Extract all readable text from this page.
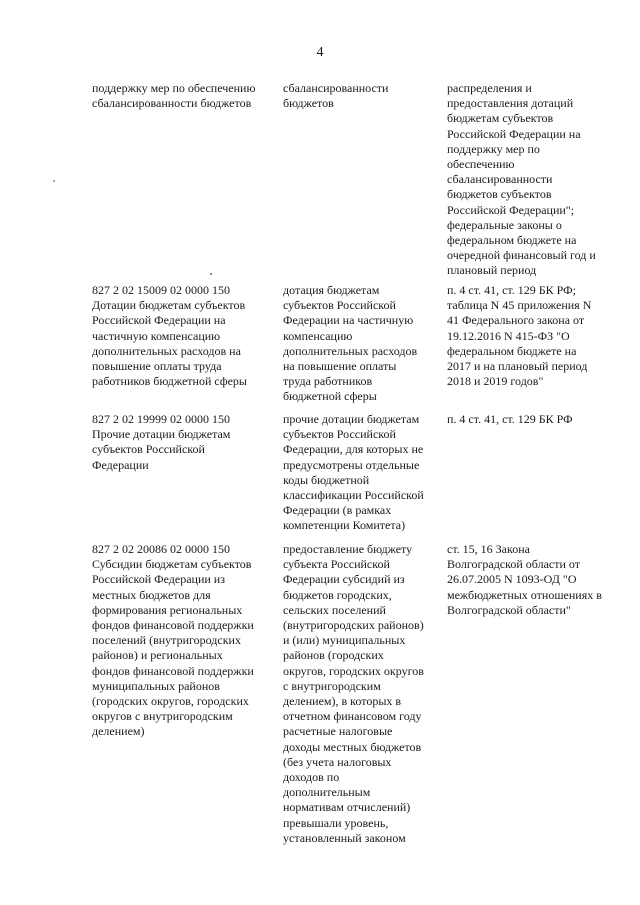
4
поддержку мер по обеспечению
сбалансированности бюджетов
сбалансированности
бюджетов
распределения и
предоставления дотаций
бюджетам субъектов
Российской Федерации на
поддержку мер по
обеспечению
сбалансированности
бюджетов субъектов
Российской Федерации";
федеральные законы о
федеральном бюджете на
очередной финансовый год и
плановый период
827 2 02 15009 02 0000 150
Дотации бюджетам субъектов
Российской Федерации на
частичную компенсацию
дополнительных расходов на
повышение оплаты труда
работников бюджетной сферы
дотация бюджетам
субъектов Российской
Федерации на частичную
компенсацию
дополнительных расходов
на повышение оплаты
труда работников
бюджетной сферы
п. 4 ст. 41, ст. 129 БК РФ;
таблица N 45 приложения N
41 Федерального закона от
19.12.2016 N 415-ФЗ "О
федеральном бюджете на
2017 и на плановый период
2018 и 2019 годов"
827 2 02 19999 02 0000 150
Прочие дотации бюджетам
субъектов Российской
Федерации
прочие дотации бюджетам
субъектов Российской
Федерации, для которых не
предусмотрены отдельные
коды бюджетной
классификации Российской
Федерации (в рамках
компетенции Комитета)
п. 4 ст. 41, ст. 129 БК РФ
827 2 02 20086 02 0000 150
Субсидии бюджетам субъектов
Российской Федерации из
местных бюджетов для
формирования региональных
фондов финансовой поддержки
поселений (внутригородских
районов) и региональных
фондов финансовой поддержки
муниципальных районов
(городских округов, городских
округов с внутригородским
делением)
предоставление бюджету
субъекта Российской
Федерации субсидий из
бюджетов городских,
сельских поселений
(внутригородских районов)
и (или) муниципальных
районов (городских
округов, городских округов
с внутригородским
делением), в которых в
отчетном финансовом году
расчетные налоговые
доходы местных бюджетов
(без учета налоговых
доходов по
дополнительным
нормативам отчислений)
превышали уровень,
установленный законом
ст. 15, 16 Закона
Волгоградской области от
26.07.2005 N 1093-ОД "О
межбюджетных отношениях в
Волгоградской области"
